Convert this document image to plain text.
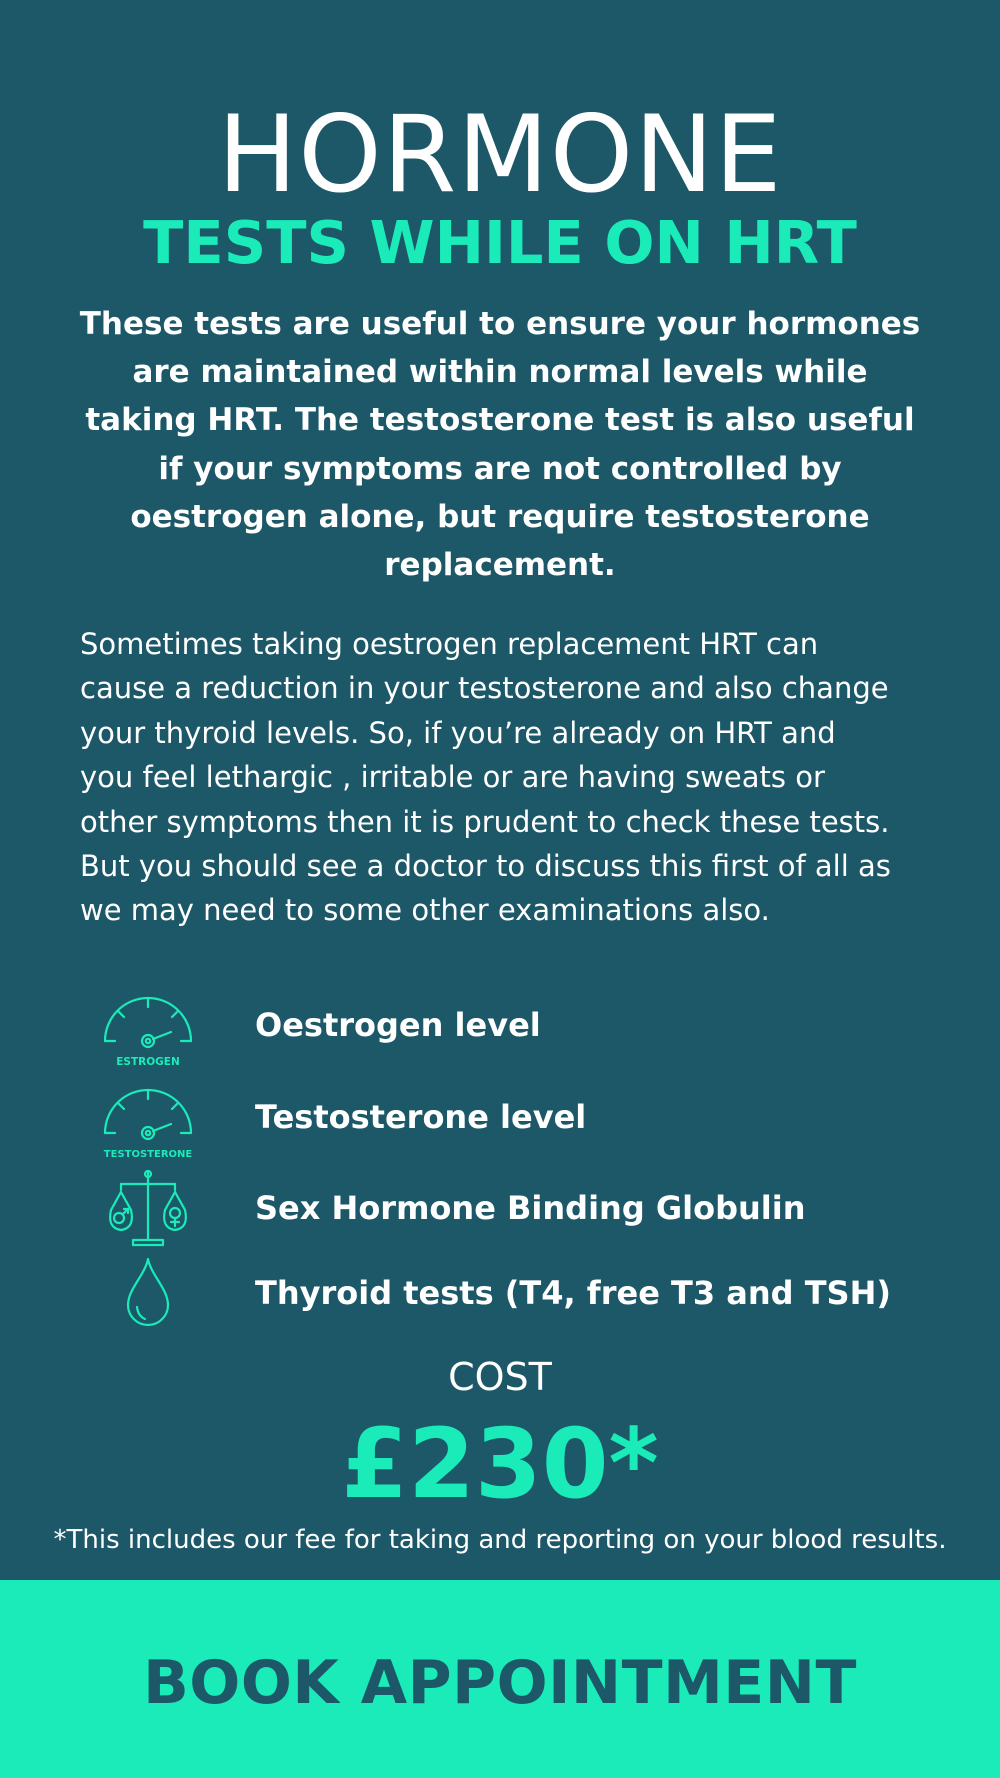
HORMONE
TESTS WHILE ON HRT

These tests are useful to ensure your hormones
are maintained within normal levels while
taking HRT. The testosterone test is also useful
if your symptoms are not controlled by
oestrogen alone, but require testosterone
replacement.

Sometimes taking oestrogen replacement HRT can
cause a reduction in your testosterone and also change
your thyroid levels. So, if you’re already on HRT and
you feel lethargic , irritable or are having sweats or
other symptoms then it is prudent to check these tests.
But you should see a doctor to discuss this first of all as
we may need to some other examinations also.

ESTROGEN
Oestrogen level
TESTOSTERONE
Testosterone level
Sex Hormone Binding Globulin
Thyroid tests (T4, free T3 and TSH)
COST
£230*
*This includes our fee for taking and reporting on your blood results.
BOOK APPOINTMENT
